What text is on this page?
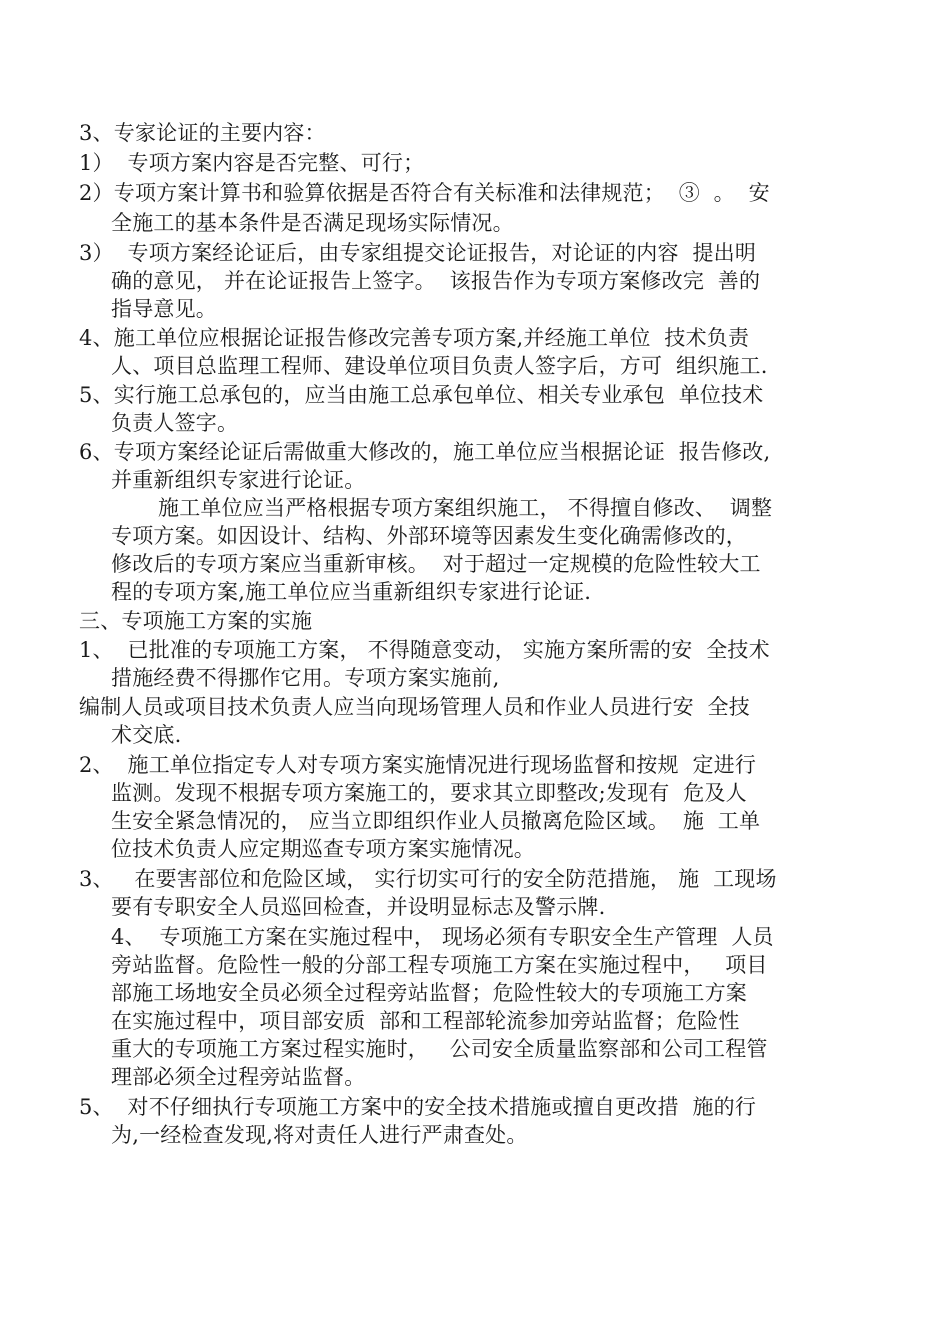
3、专家论证的主要内容：
1）  专项方案内容是否完整、可行；
2）专项方案计算书和验算依据是否符合有关标准和法律规范；  ③  。  安
全施工的基本条件是否满足现场实际情况。
3）  专项方案经论证后，由专家组提交论证报告，对论证的内容  提出明
确的意见， 并在论证报告上签字。  该报告作为专项方案修改完  善的
指导意见。
4、施工单位应根据论证报告修改完善专项方案,并经施工单位  技术负责
人、项目总监理工程师、建设单位项目负责人签字后，方可  组织施工.
5、实行施工总承包的，应当由施工总承包单位、相关专业承包  单位技术
负责人签字。
6、专项方案经论证后需做重大修改的，施工单位应当根据论证  报告修改,
并重新组织专家进行论证。
施工单位应当严格根据专项方案组织施工， 不得擅自修改、  调整
专项方案。如因设计、结构、外部环境等因素发生变化确需修改的，
修改后的专项方案应当重新审核。  对于超过一定规模的危险性较大工
程的专项方案,施工单位应当重新组织专家进行论证.
三、专项施工方案的实施
1、  已批准的专项施工方案， 不得随意变动， 实施方案所需的安  全技术
措施经费不得挪作它用。专项方案实施前,
编制人员或项目技术负责人应当向现场管理人员和作业人员进行安  全技
术交底.
2、  施工单位指定专人对专项方案实施情况进行现场监督和按规  定进行
监测。发现不根据专项方案施工的，要求其立即整改;发现有  危及人
生安全紧急情况的， 应当立即组织作业人员撤离危险区域。  施  工单
位技术负责人应定期巡查专项方案实施情况。
3、   在要害部位和危险区域， 实行切实可行的安全防范措施， 施  工现场
要有专职安全人员巡回检查，并设明显标志及警示牌.
4、  专项施工方案在实施过程中， 现场必须有专职安全生产管理  人员
旁站监督。危险性一般的分部工程专项施工方案在实施过程中，   项目
部施工场地安全员必须全过程旁站监督；危险性较大的专项施工方案
在实施过程中，项目部安质  部和工程部轮流参加旁站监督；危险性
重大的专项施工方案过程实施时，   公司安全质量监察部和公司工程管
理部必须全过程旁站监督。
5、  对不仔细执行专项施工方案中的安全技术措施或擅自更改措  施的行
为,一经检查发现,将对责任人进行严肃查处。
